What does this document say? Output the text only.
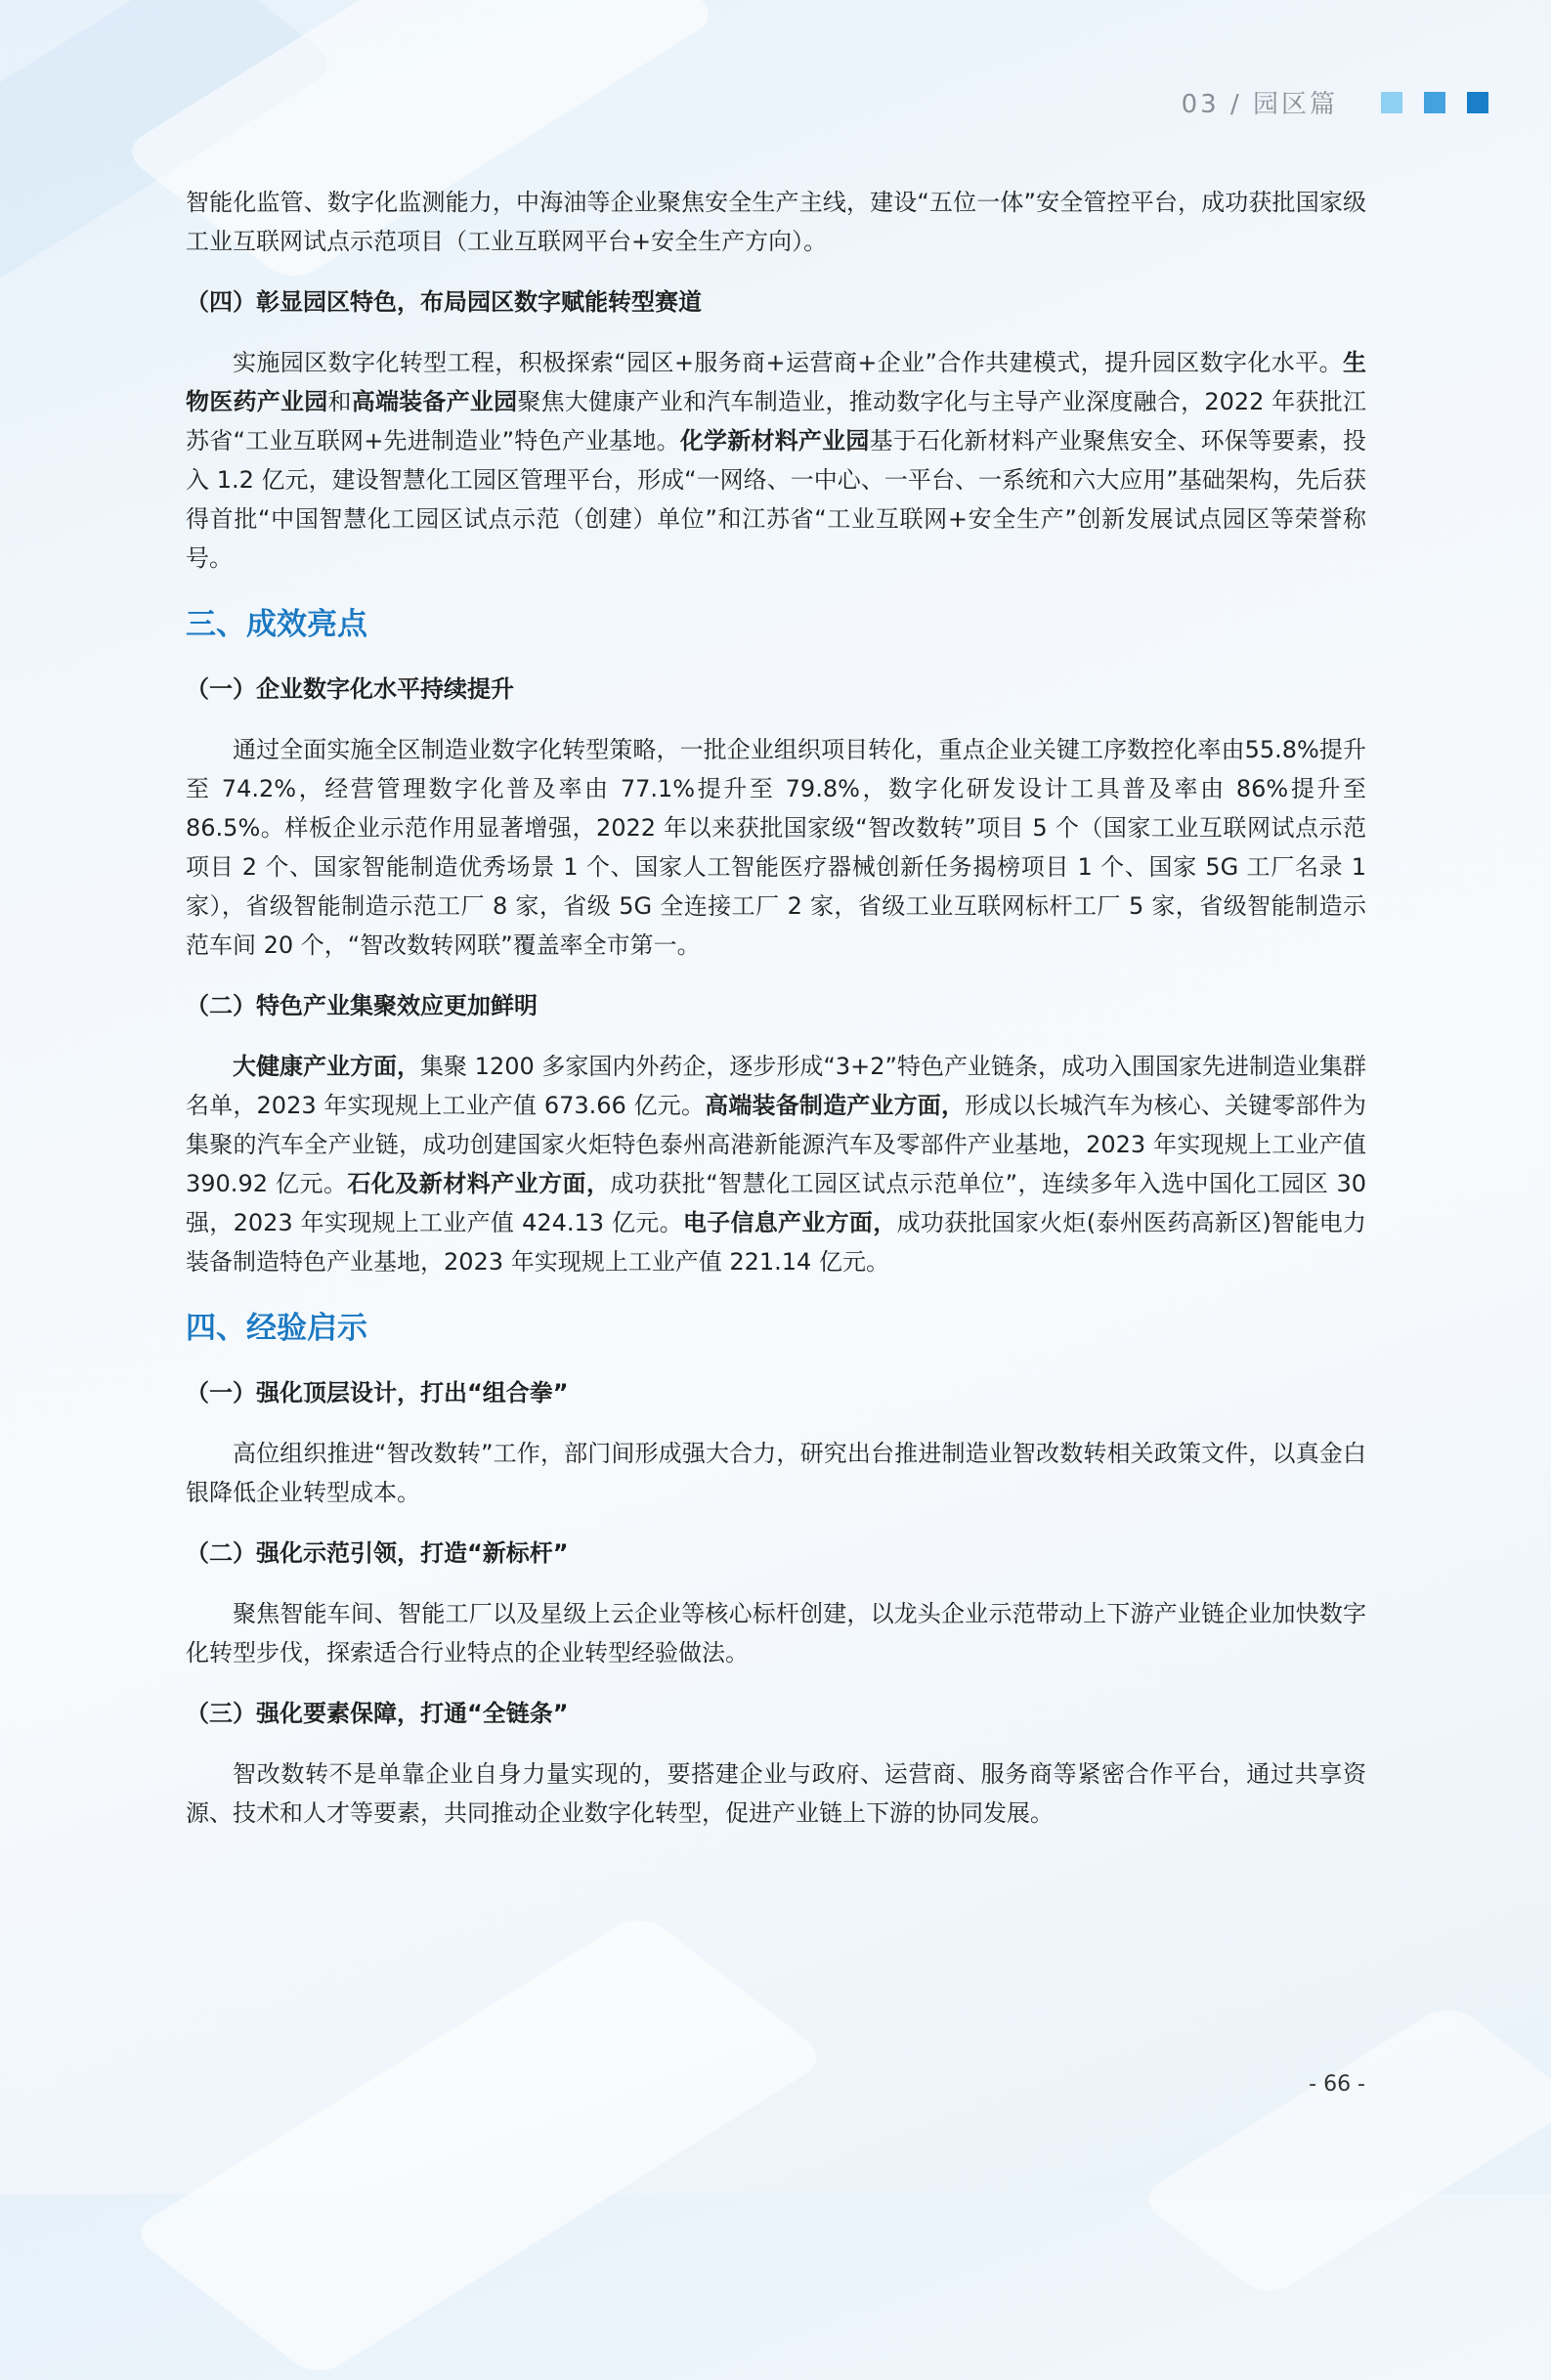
03 / 园区篇

智能化监管、数字化监测能力，中海油等企业聚焦安全生产主线，建设“五位一体”安全管控平台，成功获批国家级工业互联网试点示范项目（工业互联网平台+安全生产方向）。

（四）彰显园区特色，布局园区数字赋能转型赛道

实施园区数字化转型工程，积极探索“园区+服务商+运营商+企业”合作共建模式，提升园区数字化水平。生物医药产业园和高端装备产业园聚焦大健康产业和汽车制造业，推动数字化与主导产业深度融合，2022 年获批江苏省“工业互联网+先进制造业”特色产业基地。化学新材料产业园基于石化新材料产业聚焦安全、环保等要素，投入 1.2 亿元，建设智慧化工园区管理平台，形成“一网络、一中心、一平台、一系统和六大应用”基础架构，先后获得首批“中国智慧化工园区试点示范（创建）单位”和江苏省“工业互联网+安全生产”创新发展试点园区等荣誉称号。

三、成效亮点

（一）企业数字化水平持续提升

通过全面实施全区制造业数字化转型策略，一批企业组织项目转化，重点企业关键工序数控化率由55.8%提升至 74.2%，经营管理数字化普及率由 77.1%提升至 79.8%，数字化研发设计工具普及率由 86%提升至 86.5%。样板企业示范作用显著增强，2022 年以来获批国家级“智改数转”项目 5 个（国家工业互联网试点示范项目 2 个、国家智能制造优秀场景 1 个、国家人工智能医疗器械创新任务揭榜项目 1 个、国家 5G 工厂名录 1 家），省级智能制造示范工厂 8 家，省级 5G 全连接工厂 2 家，省级工业互联网标杆工厂 5 家，省级智能制造示范车间 20 个，“智改数转网联”覆盖率全市第一。

（二）特色产业集聚效应更加鲜明

大健康产业方面，集聚 1200 多家国内外药企，逐步形成“3+2”特色产业链条，成功入围国家先进制造业集群名单，2023 年实现规上工业产值 673.66 亿元。高端装备制造产业方面，形成以长城汽车为核心、关键零部件为集聚的汽车全产业链，成功创建国家火炬特色泰州高港新能源汽车及零部件产业基地，2023 年实现规上工业产值 390.92 亿元。石化及新材料产业方面，成功获批“智慧化工园区试点示范单位”，连续多年入选中国化工园区 30 强，2023 年实现规上工业产值 424.13 亿元。电子信息产业方面，成功获批国家火炬(泰州医药高新区)智能电力装备制造特色产业基地，2023 年实现规上工业产值 221.14 亿元。

四、经验启示

（一）强化顶层设计，打出“组合拳”

高位组织推进“智改数转”工作，部门间形成强大合力，研究出台推进制造业智改数转相关政策文件，以真金白银降低企业转型成本。

（二）强化示范引领，打造“新标杆”

聚焦智能车间、智能工厂以及星级上云企业等核心标杆创建，以龙头企业示范带动上下游产业链企业加快数字化转型步伐，探索适合行业特点的企业转型经验做法。

（三）强化要素保障，打通“全链条”

智改数转不是单靠企业自身力量实现的，要搭建企业与政府、运营商、服务商等紧密合作平台，通过共享资源、技术和人才等要素，共同推动企业数字化转型，促进产业链上下游的协同发展。

- 66 -
